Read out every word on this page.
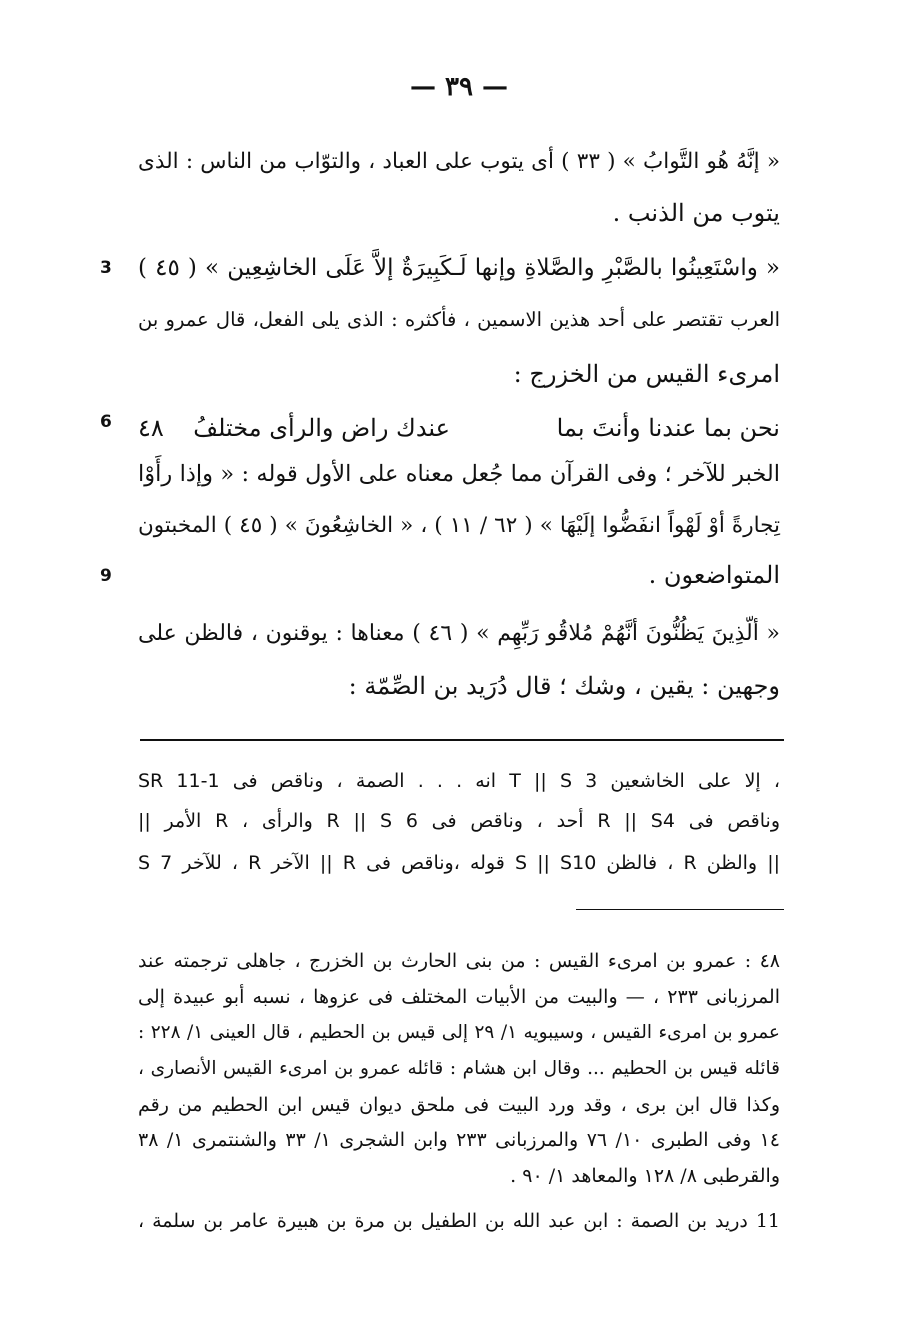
— ٣٩ —
« إنَّهُ هُو التَّوابُ » ( ٣٣ ) أى يتوب على العباد ، والتوّاب من الناس : الذى
يتوب من الذنب .
« واسْتَعِينُوا بالصَّبْرِ والصَّلاةِ وإنها لَـكَبِيرَةٌ إلاَّ عَلَى الخاشِعِين » ( ٤٥ )
العرب تقتصر على أحد هذين الاسمين ، فأكثره : الذى يلى الفعل، قال عمرو بن
امرىء القيس من الخزرج :
نحن بما عندنا وأنتَ بما
عندك راض والرأى مختلفُ
٤٨
الخبر للآخر ؛ وفى القرآن مما جُعل معناه على الأول قوله : « وإذا رأَوْا
تِجارةً أوْ لَهْواً انفَضُّوا إلَيْهَا » ( ٦٢ / ١١ ) ، « الخاشِعُونَ » ( ٤٥ ) المخبتون
المتواضعون .
« ألّذِينَ يَظُنُّونَ أنَّهُمْ مُلاقُو رَبِّهِم » ( ٤٦ ) معناها : يوقنون ، فالظن على
وجهين : يقين ، وشك ؛ قال دُرَيد بن الصِّمّة :
3
6
9
SR 11-1 انه . . . الصمة ، وناقص فى T || S 3 إلا على الخاشعين ،
وناقص فى R || S4 أحد ، وناقص فى R || S 6 والرأى ، R الأمر ||
S 7 للآخر ، R الآخر || R قوله ،وناقص فى S || S10 فالظن ، R والظن ||
٤٨ : عمرو بن امرىء القيس : من بنى الحارث بن الخزرج ، جاهلى ترجمته عند
المرزبانى ٢٣٣ ، — والبيت من الأبيات المختلف فى عزوها ، نسبه أبو عبيدة إلى
عمرو بن امرىء القيس ، وسيبويه ١/ ٢٩ إلى قيس بن الحطيم ، قال العينى ١/ ٢٢٨ :
قائله قيس بن الحطيم ... وقال ابن هشام : قائله عمرو بن امرىء القيس الأنصارى ،
وكذا قال ابن برى ، وقد ورد البيت فى ملحق ديوان قيس ابن الحطيم من رقم
١٤ وفى الطبرى ١٠/ ٧٦ والمرزبانى ٢٣٣ وابن الشجرى ١/ ٣٣ والشنتمرى ١/ ٣٨
والقرطبى ٨/ ١٢٨ والمعاهد ١/ ٩٠ .
11 دريد بن الصمة : ابن عبد الله بن الطفيل بن مرة بن هبيرة عامر بن سلمة ،
